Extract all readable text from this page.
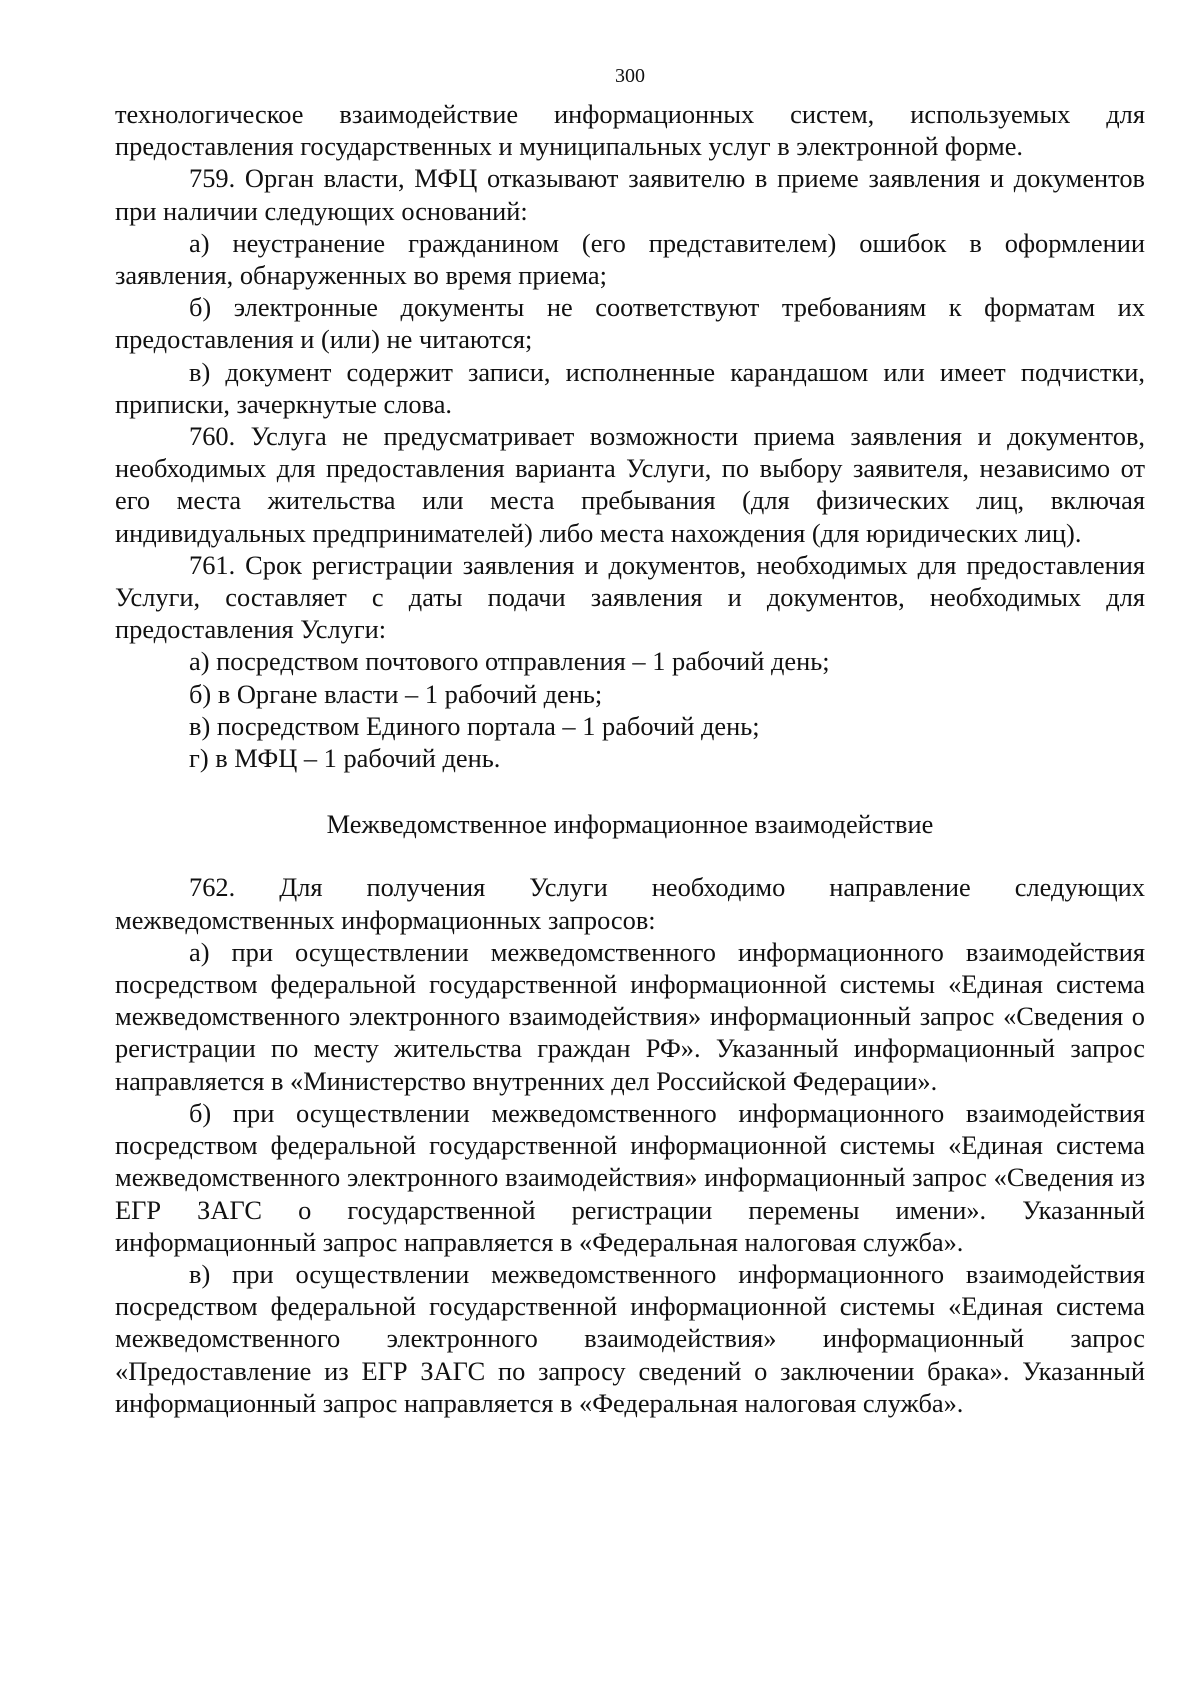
300

технологическое взаимодействие информационных систем, используемых для предоставления государственных и муниципальных услуг в электронной форме.

759. Орган власти, МФЦ отказывают заявителю в приеме заявления и документов при наличии следующих оснований:

а) неустранение гражданином (его представителем) ошибок в оформлении заявления, обнаруженных во время приема;

б) электронные документы не соответствуют требованиям к форматам их предоставления и (или) не читаются;

в) документ содержит записи, исполненные карандашом или имеет подчистки, приписки, зачеркнутые слова.

760. Услуга не предусматривает возможности приема заявления и документов, необходимых для предоставления варианта Услуги, по выбору заявителя, независимо от его места жительства или места пребывания (для физических лиц, включая индивидуальных предпринимателей) либо места нахождения (для юридических лиц).

761. Срок регистрации заявления и документов, необходимых для предоставления Услуги, составляет с даты подачи заявления и документов, необходимых для предоставления Услуги:

а) посредством почтового отправления – 1 рабочий день;

б) в Органе власти – 1 рабочий день;

в) посредством Единого портала – 1 рабочий день;

г) в МФЦ – 1 рабочий день.

Межведомственное информационное взаимодействие

762. Для получения Услуги необходимо направление следующих межведомственных информационных запросов:

а) при осуществлении межведомственного информационного взаимодействия посредством федеральной государственной информационной системы «Единая система межведомственного электронного взаимодействия» информационный запрос «Сведения о регистрации по месту жительства граждан РФ». Указанный информационный запрос направляется в «Министерство внутренних дел Российской Федерации».

б) при осуществлении межведомственного информационного взаимодействия посредством федеральной государственной информационной системы «Единая система межведомственного электронного взаимодействия» информационный запрос «Сведения из ЕГР ЗАГС о государственной регистрации перемены имени». Указанный информационный запрос направляется в «Федеральная налоговая служба».

в) при осуществлении межведомственного информационного взаимодействия посредством федеральной государственной информационной системы «Единая система межведомственного электронного взаимодействия» информационный запрос «Предоставление из ЕГР ЗАГС по запросу сведений о заключении брака». Указанный информационный запрос направляется в «Федеральная налоговая служба».
